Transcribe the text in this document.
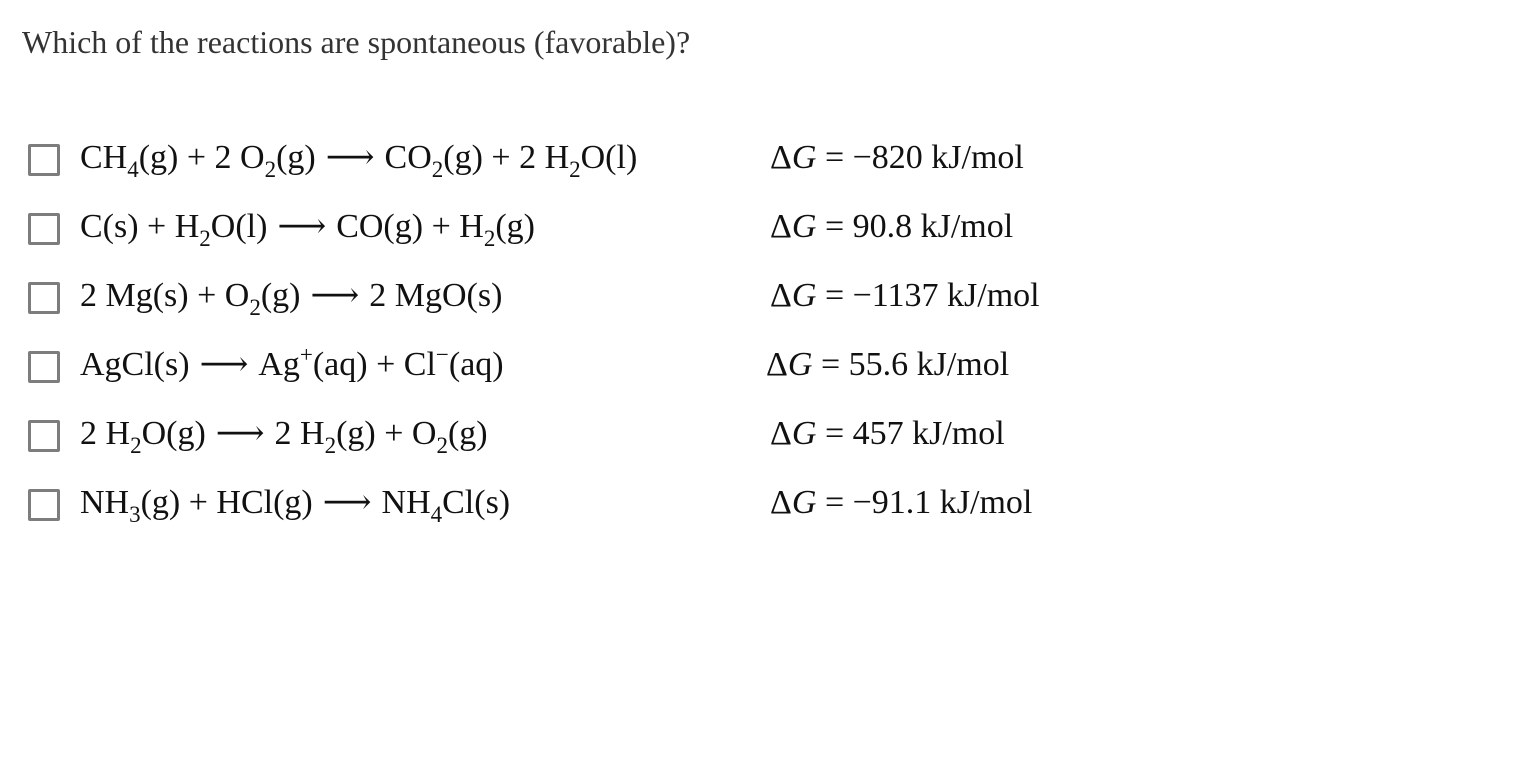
Which of the reactions are spontaneous (favorable)?
$CH_4(g) + 2$ $O_2(g)$ ⟶ $CO_2(g) + 2$ $H_2O(l)$	ΔG = −820 kJ/mol
$C(s) + H_2O(l)$ ⟶ $CO(g) + H_2(g)$	ΔG = 90.8 kJ/mol
2 $Mg(s) + O_2(g)$ ⟶ 2 MgO(s)	ΔG = −1137 kJ/mol
AgCl(s) ⟶ Ag+(aq) + Cl−(aq)	ΔG = 55.6 kJ/mol
2 $H_2O(g)$ ⟶ 2 $H_2(g) + O_2(g)$	ΔG = 457 kJ/mol
$NH_3(g) + HCl(g)$ ⟶ $NH_4Cl(s)$	ΔG = −91.1 kJ/mol
